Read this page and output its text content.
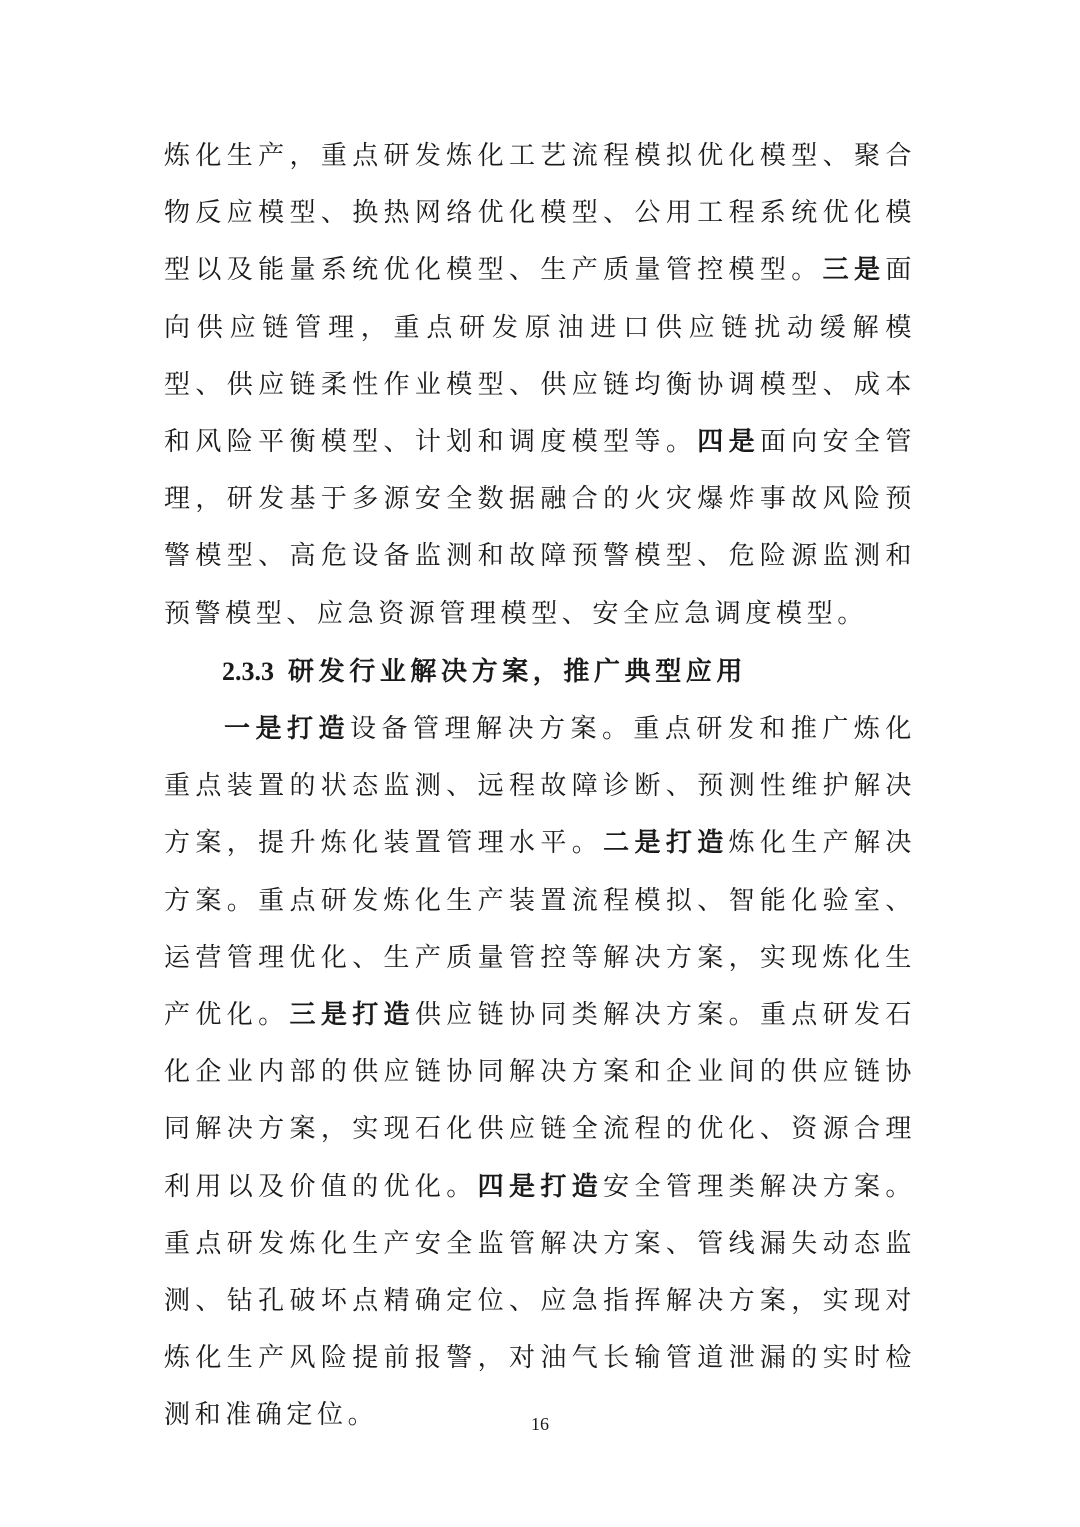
炼化生产，重点研发炼化工艺流程模拟优化模型、聚合物反应模型、换热网络优化模型、公用工程系统优化模型以及能量系统优化模型、生产质量管控模型。三是面向供应链管理，重点研发原油进口供应链扰动缓解模型、供应链柔性作业模型、供应链均衡协调模型、成本和风险平衡模型、计划和调度模型等。四是面向安全管理，研发基于多源安全数据融合的火灾爆炸事故风险预警模型、高危设备监测和故障预警模型、危险源监测和预警模型、应急资源管理模型、安全应急调度模型。

2.3.3 研发行业解决方案，推广典型应用

一是打造设备管理解决方案。重点研发和推广炼化重点装置的状态监测、远程故障诊断、预测性维护解决方案，提升炼化装置管理水平。二是打造炼化生产解决方案。重点研发炼化生产装置流程模拟、智能化验室、运营管理优化、生产质量管控等解决方案，实现炼化生产优化。三是打造供应链协同类解决方案。重点研发石化企业内部的供应链协同解决方案和企业间的供应链协同解决方案，实现石化供应链全流程的优化、资源合理利用以及价值的优化。四是打造安全管理类解决方案。重点研发炼化生产安全监管解决方案、管线漏失动态监测、钻孔破坏点精确定位、应急指挥解决方案，实现对炼化生产风险提前报警，对油气长输管道泄漏的实时检测和准确定位。	16
